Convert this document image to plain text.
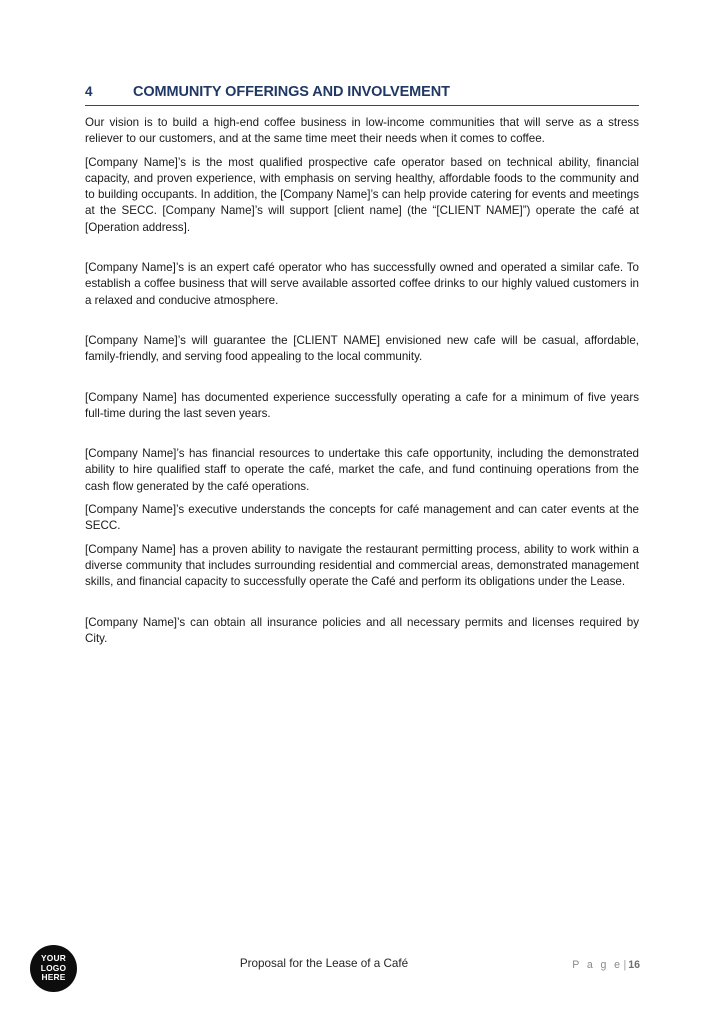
4	COMMUNITY OFFERINGS AND INVOLVEMENT

Our vision is to build a high-end coffee business in low-income communities that will serve as a stress reliever to our customers, and at the same time meet their needs when it comes to coffee.

[Company Name]’s is the most qualified prospective cafe operator based on technical ability, financial capacity, and proven experience, with emphasis on serving healthy, affordable foods to the community and to building occupants. In addition, the [Company Name]’s can help provide catering for events and meetings at the SECC. [Company Name]’s will support [client name] (the “[CLIENT NAME]”) operate the café at [Operation address].

[Company Name]’s is an expert café operator who has successfully owned and operated a similar cafe. To establish a coffee business that will serve available assorted coffee drinks to our highly valued customers in a relaxed and conducive atmosphere.

[Company Name]’s will guarantee the [CLIENT NAME] envisioned new cafe will be casual, affordable, family-friendly, and serving food appealing to the local community.

[Company Name] has documented experience successfully operating a cafe for a minimum of five years full-time during the last seven years.

[Company Name]’s has financial resources to undertake this cafe opportunity, including the demonstrated ability to hire qualified staff to operate the café, market the cafe, and fund continuing operations from the cash flow generated by the café operations.

[Company Name]’s executive understands the concepts for café management and can cater events at the SECC.

[Company Name] has a proven ability to navigate the restaurant permitting process, ability to work within a diverse community that includes surrounding residential and commercial areas, demonstrated management skills, and financial capacity to successfully operate the Café and perform its obligations under the Lease.

[Company Name]’s can obtain all insurance policies and all necessary permits and licenses required by City.

YOUR
LOGO
HERE
Proposal for the Lease of a Café	P a g e| 16
